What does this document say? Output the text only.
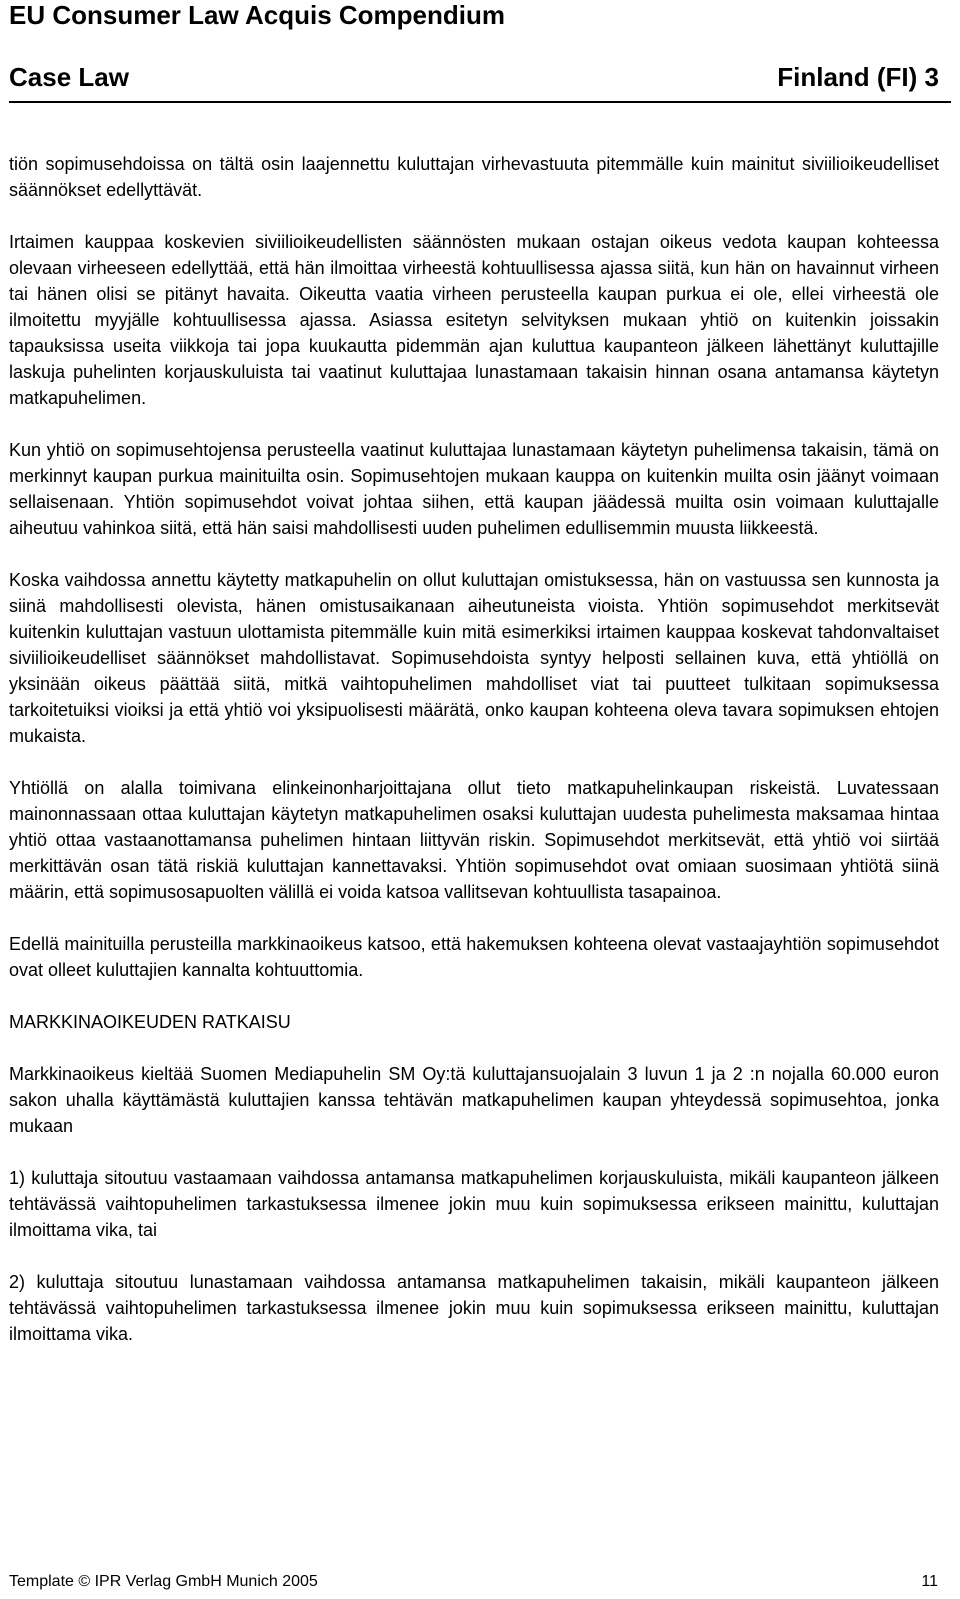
EU Consumer Law Acquis Compendium
Case Law	Finland (FI) 3

tiön sopimusehdoissa on tältä osin laajennettu kuluttajan virhevastuuta pitemmälle kuin mainitut siviilioikeudelliset säännökset edellyttävät.

Irtaimen kauppaa koskevien siviilioikeudellisten säännösten mukaan ostajan oikeus vedota kaupan kohteessa olevaan virheeseen edellyttää, että hän ilmoittaa virheestä kohtuullisessa ajassa siitä, kun hän on havainnut virheen tai hänen olisi se pitänyt havaita. Oikeutta vaatia virheen perusteella kaupan purkua ei ole, ellei virheestä ole ilmoitettu myyjälle kohtuullisessa ajassa. Asiassa esitetyn selvityksen mukaan yhtiö on kuitenkin joissakin tapauksissa useita viikkoja tai jopa kuukautta pidemmän ajan kuluttua kaupanteon jälkeen lähettänyt kuluttajille laskuja puhelinten korjauskuluista tai vaatinut kuluttajaa lunastamaan takaisin hinnan osana antamansa käytetyn matkapuhelimen.

Kun yhtiö on sopimusehtojensa perusteella vaatinut kuluttajaa lunastamaan käytetyn puhelimensa takaisin, tämä on merkinnyt kaupan purkua mainituilta osin. Sopimusehtojen mukaan kauppa on kuitenkin muilta osin jäänyt voimaan sellaisenaan. Yhtiön sopimusehdot voivat johtaa siihen, että kaupan jäädessä muilta osin voimaan kuluttajalle aiheutuu vahinkoa siitä, että hän saisi mahdollisesti uuden puhelimen edullisemmin muusta liikkeestä.

Koska vaihdossa annettu käytetty matkapuhelin on ollut kuluttajan omistuksessa, hän on vastuussa sen kunnosta ja siinä mahdollisesti olevista, hänen omistusaikanaan aiheutuneista vioista. Yhtiön sopimusehdot merkitsevät kuitenkin kuluttajan vastuun ulottamista pitemmälle kuin mitä esimerkiksi irtaimen kauppaa koskevat tahdonvaltaiset siviilioikeudelliset säännökset mahdollistavat. Sopimusehdoista syntyy helposti sellainen kuva, että yhtiöllä on yksinään oikeus päättää siitä, mitkä vaihtopuhelimen mahdolliset viat tai puutteet tulkitaan sopimuksessa tarkoitetuiksi vioiksi ja että yhtiö voi yksipuolisesti määrätä, onko kaupan kohteena oleva tavara sopimuksen ehtojen mukaista.

Yhtiöllä on alalla toimivana elinkeinonharjoittajana ollut tieto matkapuhelinkaupan riskeistä. Luvatessaan mainonnassaan ottaa kuluttajan käytetyn matkapuhelimen osaksi kuluttajan uudesta puhelimesta maksamaa hintaa yhtiö ottaa vastaanottamansa puhelimen hintaan liittyvän riskin. Sopimusehdot merkitsevät, että yhtiö voi siirtää merkittävän osan tätä riskiä kuluttajan kannettavaksi. Yhtiön sopimusehdot ovat omiaan suosimaan yhtiötä siinä määrin, että sopimusosapuolten välillä ei voida katsoa vallitsevan kohtuullista tasapainoa.

Edellä mainituilla perusteilla markkinaoikeus katsoo, että hakemuksen kohteena olevat vastaajayhtiön sopimusehdot ovat olleet kuluttajien kannalta kohtuuttomia.

MARKKINAOIKEUDEN RATKAISU

Markkinaoikeus kieltää Suomen Mediapuhelin SM Oy:tä kuluttajansuojalain 3 luvun 1 ja 2 :n nojalla 60.000 euron sakon uhalla käyttämästä kuluttajien kanssa tehtävän matkapuhelimen kaupan yhteydessä sopimusehtoa, jonka mukaan

1) kuluttaja sitoutuu vastaamaan vaihdossa antamansa matkapuhelimen korjauskuluista, mikäli kaupanteon jälkeen tehtävässä vaihtopuhelimen tarkastuksessa ilmenee jokin muu kuin sopimuksessa erikseen mainittu, kuluttajan ilmoittama vika, tai

2) kuluttaja sitoutuu lunastamaan vaihdossa antamansa matkapuhelimen takaisin, mikäli kaupanteon jälkeen tehtävässä vaihtopuhelimen tarkastuksessa ilmenee jokin muu kuin sopimuksessa erikseen mainittu, kuluttajan ilmoittama vika.

Template © IPR Verlag GmbH Munich 2005	11
